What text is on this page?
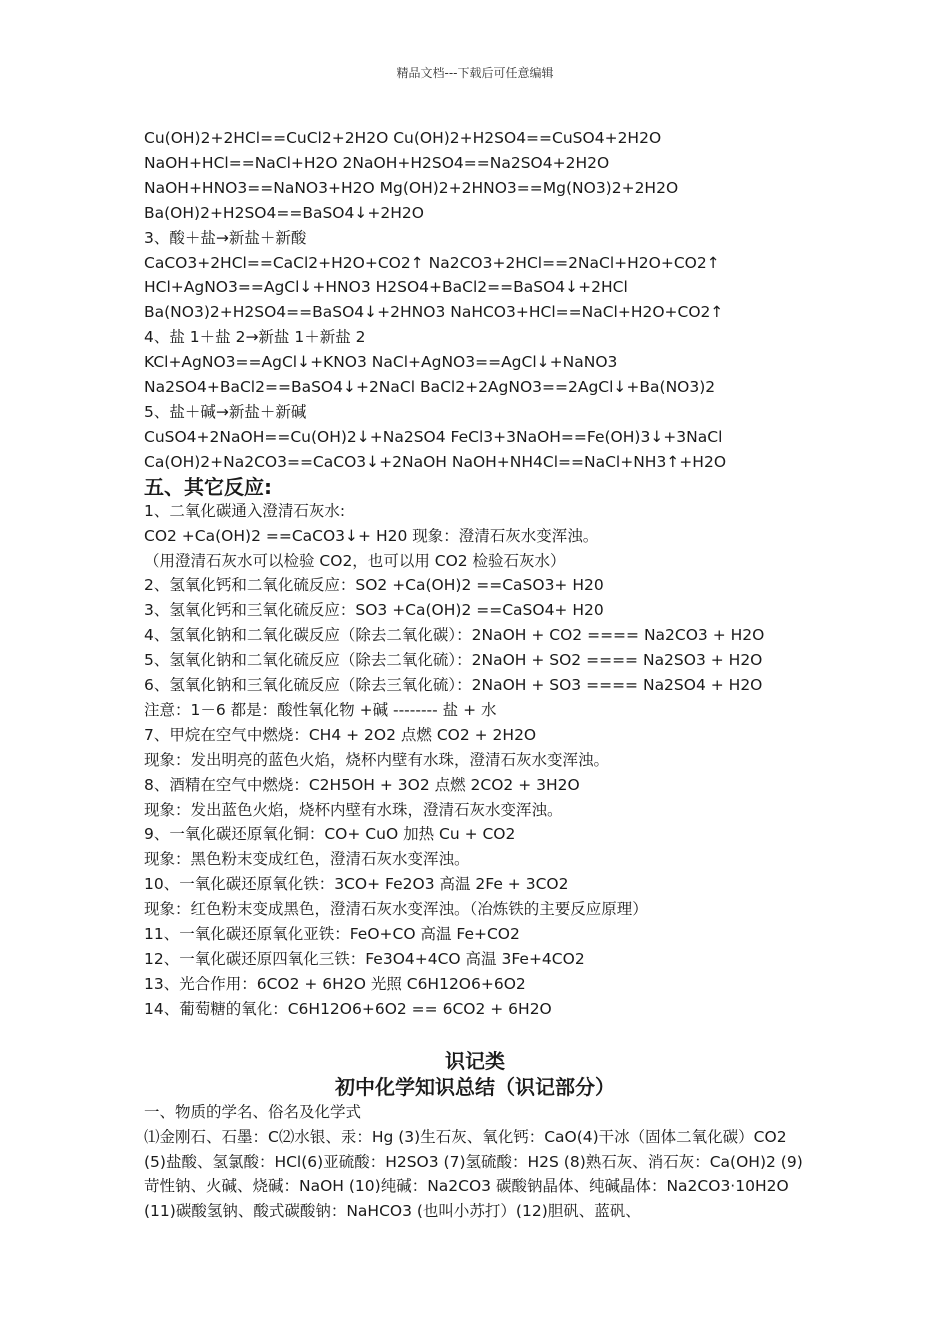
精品文档---下载后可任意编辑
Cu(OH)2+2HCl==CuCl2+2H2O Cu(OH)2+H2SO4==CuSO4+2H2O
NaOH+HCl==NaCl+H2O 2NaOH+H2SO4==Na2SO4+2H2O
NaOH+HNO3==NaNO3+H2O Mg(OH)2+2HNO3==Mg(NO3)2+2H2O
Ba(OH)2+H2SO4==BaSO4↓+2H2O
3、酸＋盐→新盐＋新酸
CaCO3+2HCl==CaCl2+H2O+CO2↑ Na2CO3+2HCl==2NaCl+H2O+CO2↑
HCl+AgNO3==AgCl↓+HNO3 H2SO4+BaCl2==BaSO4↓+2HCl
Ba(NO3)2+H2SO4==BaSO4↓+2HNO3 NaHCO3+HCl==NaCl+H2O+CO2↑
4、盐 1＋盐 2→新盐 1＋新盐 2
KCl+AgNO3==AgCl↓+KNO3 NaCl+AgNO3==AgCl↓+NaNO3
Na2SO4+BaCl2==BaSO4↓+2NaCl BaCl2+2AgNO3==2AgCl↓+Ba(NO3)2
5、盐＋碱→新盐＋新碱
CuSO4+2NaOH==Cu(OH)2↓+Na2SO4 FeCl3+3NaOH==Fe(OH)3↓+3NaCl
Ca(OH)2+Na2CO3==CaCO3↓+2NaOH NaOH+NH4Cl==NaCl+NH3↑+H2O
五、其它反应:
1、二氧化碳通入澄清石灰水:
CO2 +Ca(OH)2 ==CaCO3↓+ H20 现象：澄清石灰水变浑浊。
（用澄清石灰水可以检验 CO2，也可以用 CO2 检验石灰水）
2、氢氧化钙和二氧化硫反应：SO2 +Ca(OH)2 ==CaSO3+ H20
3、氢氧化钙和三氧化硫反应：SO3 +Ca(OH)2 ==CaSO4+ H20
4、氢氧化钠和二氧化碳反应（除去二氧化碳）：2NaOH + CO2 ==== Na2CO3 + H2O
5、氢氧化钠和二氧化硫反应（除去二氧化硫）：2NaOH + SO2 ==== Na2SO3 + H2O
6、氢氧化钠和三氧化硫反应（除去三氧化硫）：2NaOH + SO3 ==== Na2SO4 + H2O
注意：1－6 都是：酸性氧化物 +碱 -------- 盐 + 水
7、甲烷在空气中燃烧：CH4 + 2O2 点燃 CO2 + 2H2O
现象：发出明亮的蓝色火焰，烧杯内壁有水珠，澄清石灰水变浑浊。
8、酒精在空气中燃烧：C2H5OH + 3O2 点燃 2CO2 + 3H2O
现象：发出蓝色火焰，烧杯内壁有水珠，澄清石灰水变浑浊。
9、一氧化碳还原氧化铜：CO+ CuO 加热 Cu + CO2
现象：黑色粉末变成红色，澄清石灰水变浑浊。
10、一氧化碳还原氧化铁：3CO+ Fe2O3 高温 2Fe + 3CO2
现象：红色粉末变成黑色，澄清石灰水变浑浊。（冶炼铁的主要反应原理）
11、一氧化碳还原氧化亚铁：FeO+CO 高温 Fe+CO2
12、一氧化碳还原四氧化三铁：Fe3O4+4CO 高温 3Fe+4CO2
13、光合作用：6CO2 + 6H2O 光照 C6H12O6+6O2
14、葡萄糖的氧化：C6H12O6+6O2 == 6CO2 + 6H2O
识记类
初中化学知识总结（识记部分）
一、物质的学名、俗名及化学式
⑴金刚石、石墨：C⑵水银、汞：Hg (3)生石灰、氧化钙：CaO(4)干冰（固体二氧化碳）CO2 (5)盐酸、氢氯酸：HCl(6)亚硫酸：H2SO3 (7)氢硫酸：H2S (8)熟石灰、消石灰：Ca(OH)2 (9)苛性钠、火碱、烧碱：NaOH (10)纯碱：Na2CO3 碳酸钠晶体、纯碱晶体：Na2CO3·10H2O (11)碳酸氢钠、酸式碳酸钠：NaHCO3 (也叫小苏打）(12)胆矾、蓝矾、
